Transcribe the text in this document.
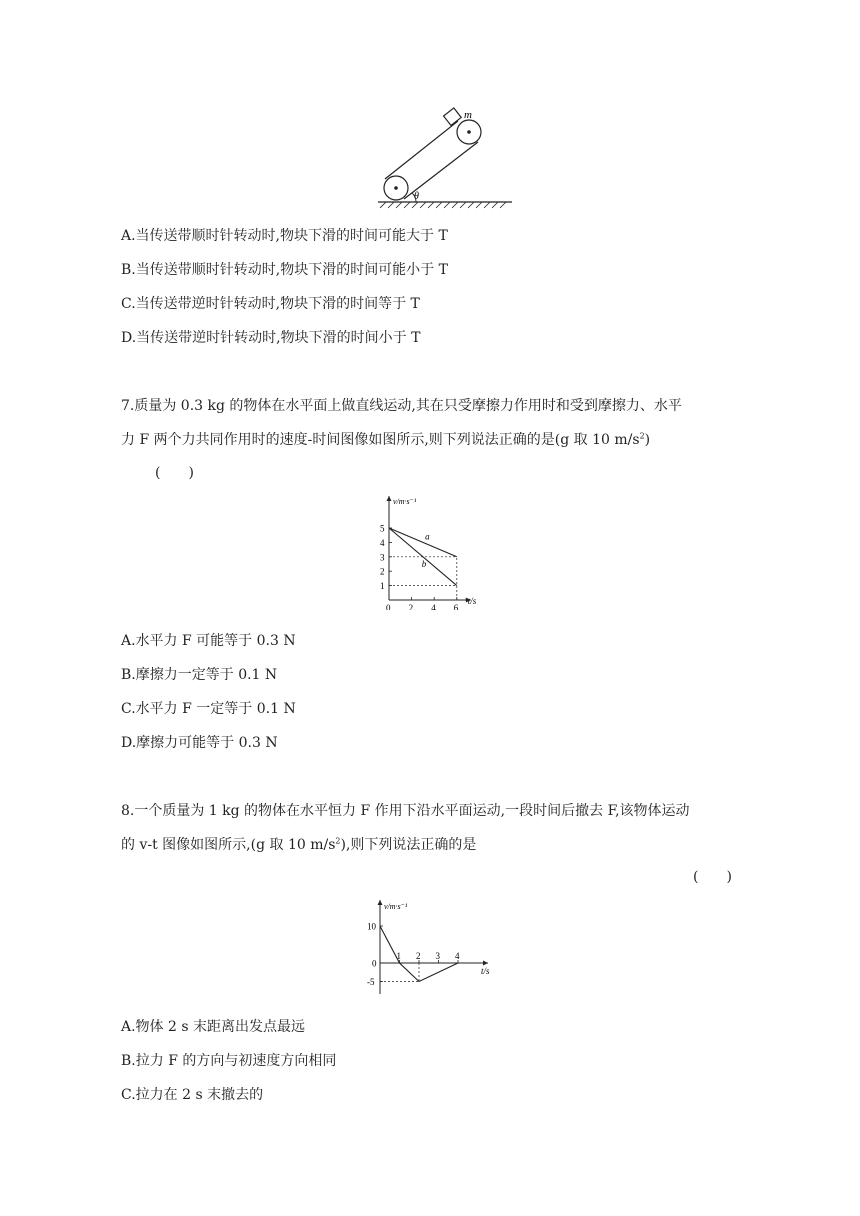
m
θ
A.当传送带顺时针转动时,物块下滑的时间可能大于 T
B.当传送带顺时针转动时,物块下滑的时间可能小于 T
C.当传送带逆时针转动时,物块下滑的时间等于 T
D.当传送带逆时针转动时,物块下滑的时间小于 T
7.质量为 0.3 kg 的物体在水平面上做直线运动,其在只受摩擦力作用时和受到摩擦力、水平
力 F 两个力共同作用时的速度-时间图像如图所示,则下列说法正确的是(g 取 10 $m/s^2$)
(　　)
v/m·s⁻¹
t/s
0 2 4 6
1
2
3
4
5
a
b
A.水平力 F 可能等于 0.3 N
B.摩擦力一定等于 0.1 N
C.水平力 F 一定等于 0.1 N
D.摩擦力可能等于 0.3 N
8.一个质量为 1 kg 的物体在水平恒力 F 作用下沿水平面运动,一段时间后撤去 F,该物体运动
的 v-t 图像如图所示,(g 取 10 $m/s^2$),则下列说法正确的是
(　　)
v/m·s⁻¹
t/s
1 2 3 4
10
0
-5
A.物体 2 s 末距离出发点最远
B.拉力 F 的方向与初速度方向相同
C.拉力在 2 s 末撤去的
